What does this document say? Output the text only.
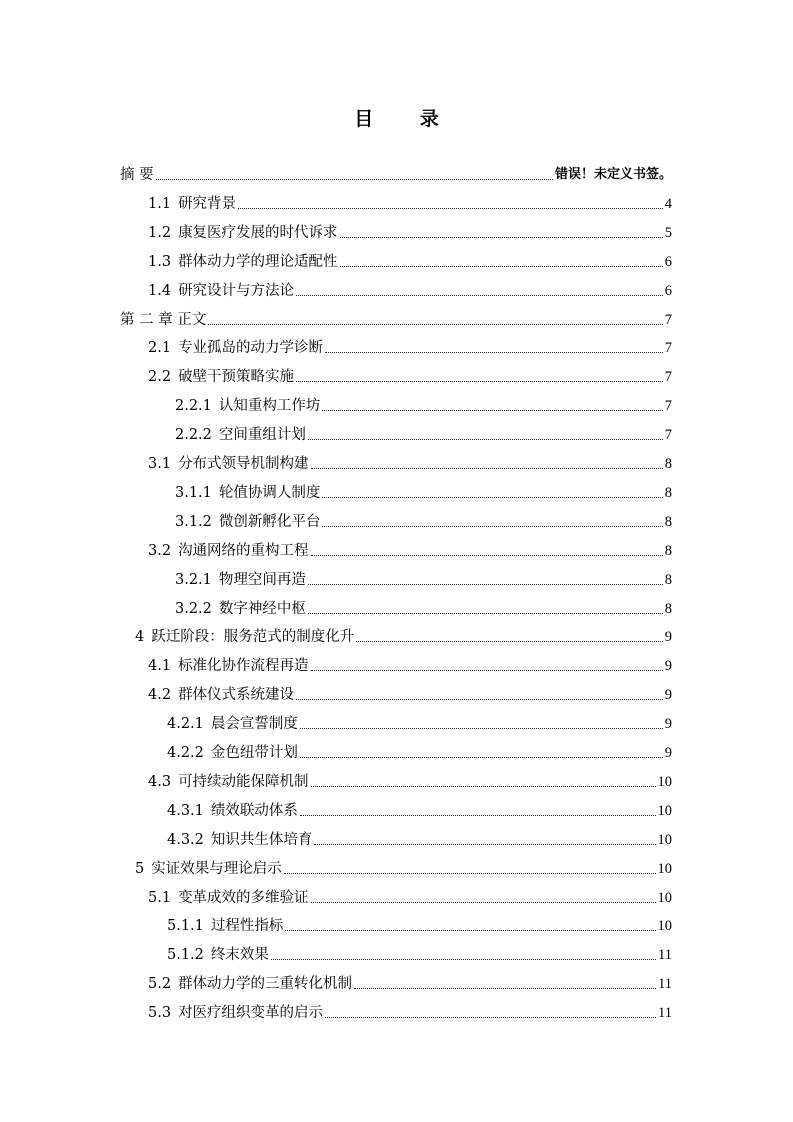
目 录
摘 要	错误！未定义书签。
1.1 研究背景	4
1.2 康复医疗发展的时代诉求	5
1.3 群体动力学的理论适配性	6
1.4 研究设计与方法论	6
第 二 章 正文	7
2.1 专业孤岛的动力学诊断	7
2.2 破壁干预策略实施	7
2.2.1 认知重构工作坊	7
2.2.2 空间重组计划	7
3.1 分布式领导机制构建	8
3.1.1 轮值协调人制度	8
3.1.2 微创新孵化平台	8
3.2 沟通网络的重构工程	8
3.2.1 物理空间再造	8
3.2.2 数字神经中枢	8
4 跃迁阶段：服务范式的制度化升	9
4.1 标准化协作流程再造	9
4.2 群体仪式系统建设	9
4.2.1 晨会宣誓制度	9
4.2.2 金色纽带计划	9
4.3 可持续动能保障机制	10
4.3.1 绩效联动体系	10
4.3.2 知识共生体培育	10
5 实证效果与理论启示	10
5.1 变革成效的多维验证	10
5.1.1 过程性指标	10
5.1.2 终末效果	11
5.2 群体动力学的三重转化机制	11
5.3 对医疗组织变革的启示	11
